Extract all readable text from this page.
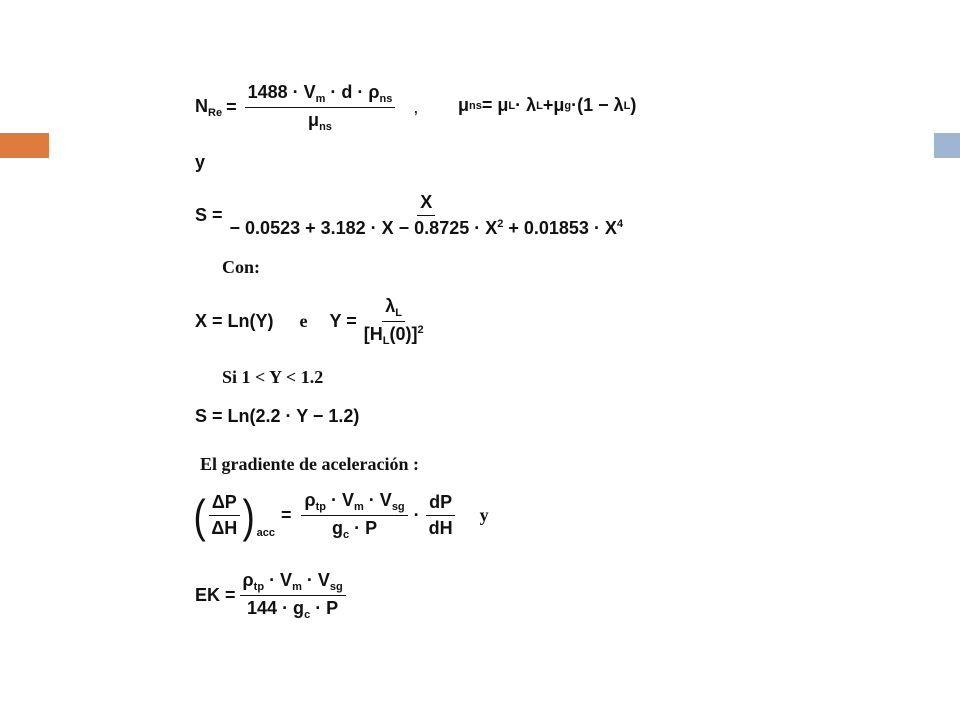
$N_{Re} = \frac{1488 \cdot V_m \cdot d \cdot \rho_{ns}}{\mu_{ns}}$ , μ ns = μ L · λ L +μ g ·(1 − λ L )
y
$S = \frac{X}{- 0.0523 + 3.182 \cdot X - 0.8725 \cdot X^2 + 0.01853 \cdot X^4}$
Con:
X = Ln(Y) e $Y = \frac{\lambda_L}{[H_L(0)]^2}$
Si 1 < Y < 1.2
S = Ln(2.2 · Y − 1.2)
El gradiente de aceleración :
( $\frac{\Delta P}{\Delta H} )_{acc}$
= $\frac{\rho_{tp} \cdot V_m \cdot V_{sg}}{g_c \cdot P} \cdot \frac{dP}{dH}$ y
EK = $\frac{\rho_{tp} \cdot V_m \cdot V_{sg}}{144 \cdot g_c \cdot P}$
